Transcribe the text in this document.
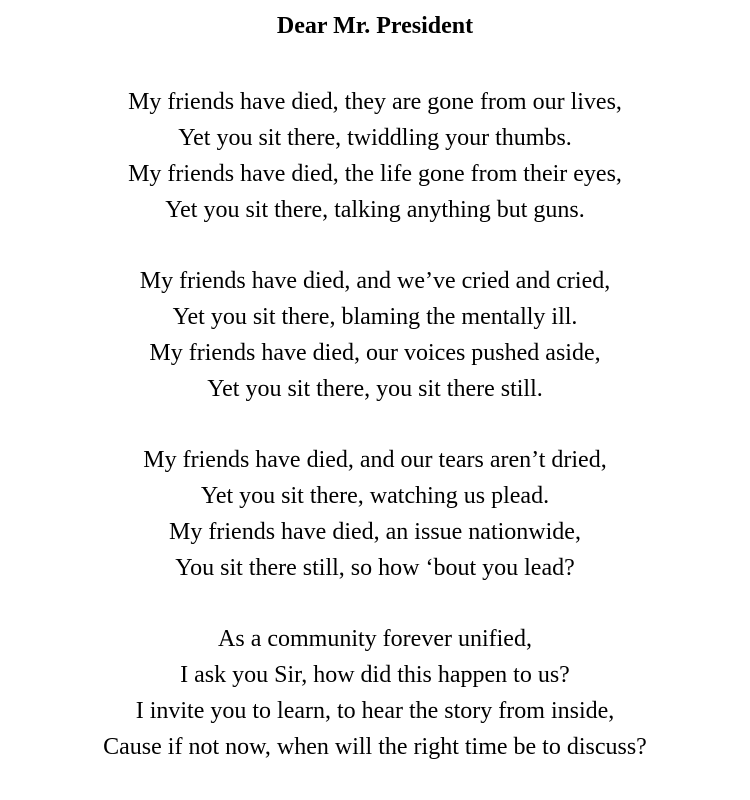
Dear Mr. President
My friends have died, they are gone from our lives,
Yet you sit there, twiddling your thumbs.
My friends have died, the life gone from their eyes,
Yet you sit there, talking anything but guns.
My friends have died, and we’ve cried and cried,
Yet you sit there, blaming the mentally ill.
My friends have died, our voices pushed aside,
Yet you sit there, you sit there still.
My friends have died, and our tears aren’t dried,
Yet you sit there, watching us plead.
My friends have died, an issue nationwide,
You sit there still, so how ‘bout you lead?
As a community forever unified,
I ask you Sir, how did this happen to us?
I invite you to learn, to hear the story from inside,
Cause if not now, when will the right time be to discuss?
